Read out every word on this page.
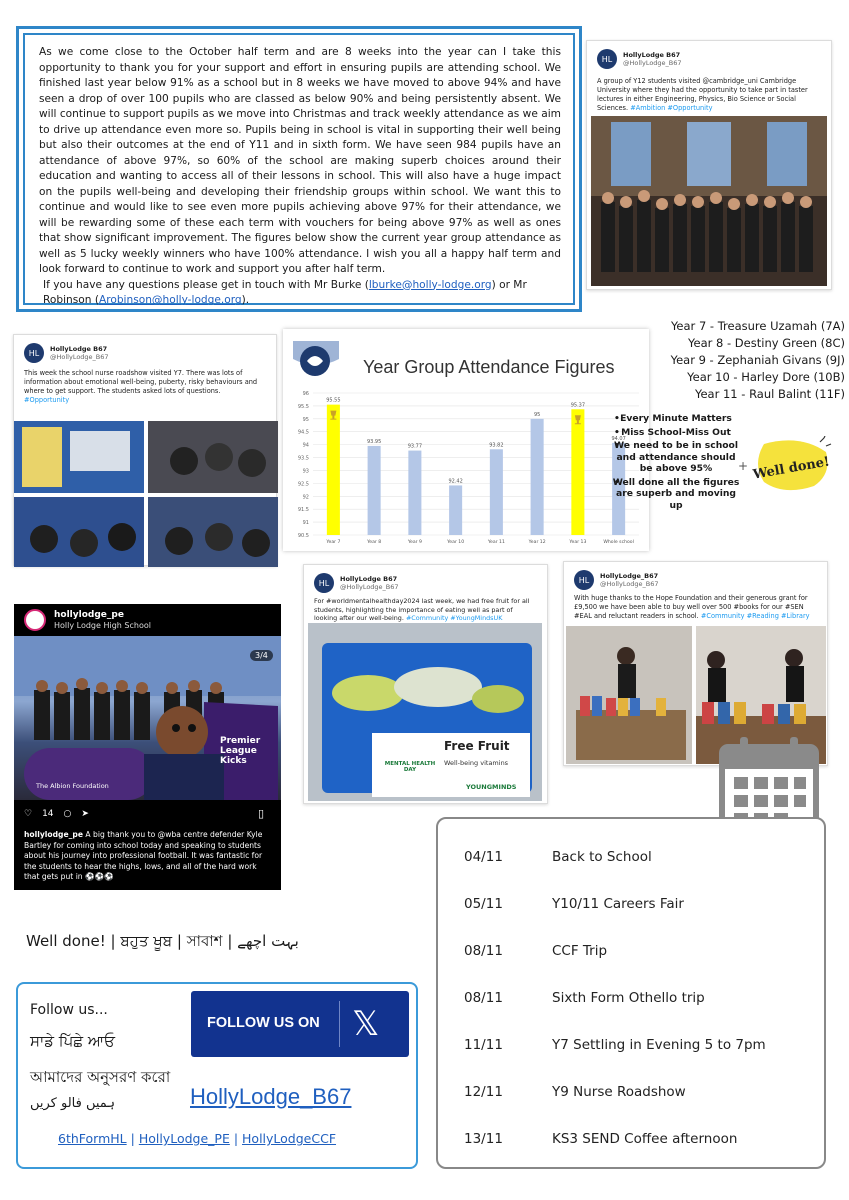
As we come close to the October half term and are 8 weeks into the year can I take this opportunity to thank you for your support and effort in ensuring pupils are attending school. We finished last year below 91% as a school but in 8 weeks we have moved to above 94% and have seen a drop of over 100 pupils who are classed as below 90% and being persistently absent. We will continue to support pupils as we move into Christmas and track weekly attendance as we aim to drive up attendance even more so. Pupils being in school is vital in supporting their well being but also their outcomes at the end of Y11 and in sixth form. We have seen 984 pupils have an attendance of above 97%, so 60% of the school are making superb choices around their education and wanting to access all of their lessons in school. This will also have a huge impact on the pupils well-being and developing their friendship groups within school. We want this to continue and would like to see even more pupils achieving above 97% for their attendance, we will be rewarding some of these each term with vouchers for being above 97% as well as ones that show significant improvement. The figures below show the current year group attendance as well as 5 lucky weekly winners who have 100% attendance. I wish you all a happy half term and look forward to continue to work and support you after half term.

If you have any questions please get in touch with Mr Burke (lburke@holly-lodge.org) or Mr Robinson (Arobinson@holly-lodge.org).

HL	HollyLodge B67
@HollyLodge_B67

A group of Y12 students visited @cambridge_uni Cambridge University where they had the opportunity to take part in taster lectures in either Engineering, Physics, Bio Science or Social Sciences. #Ambition #Opportunity

HL	HollyLodge B67
@HollyLodge_B67

This week the school nurse roadshow visited Y7. There was lots of information about emotional well-being, puberty, risky behaviours and where to get support. The students asked lots of questions.
#Opportunity

Year Group Attendance Figures
90.5
91
91.5
92
92.5
93
93.5
94
94.5
95
95.5
96
95.55
Year 7
93.95
Year 8
93.77
Year 9
92.42
Year 10
93.82
Year 11
95
Year 12
95.37
Year 13
94.07
Whole school
Year 7 - Treasure Uzamah (7A)
Year 8 - Destiny Green (8C)
Year 9 - Zephaniah Givans (9J)
Year 10 - Harley Dore (10B)
Year 11 - Raul Balint (11F)
• Every Minute Matters
• Miss School-Miss Out
• We need to be in school and attendance should be above 95%
• Well done all the figures are superb and moving up
+ Well done!
HL	HollyLodge B67
@HollyLodge_B67

For #worldmentalhealthday2024 last week, we had free fruit for all students, highlighting the importance of eating well as part of looking after our well-being. #Community #YoungMindsUK

Free Fruit
Well-being vitamins
MENTAL HEALTH DAY
YOUNGMINDS
HL	HollyLodge_B67
@HollyLodge_B67

With huge thanks to the Hope Foundation and their generous grant for £9,500 we have been able to buy well over 500 #books for our #SEN #EAL and reluctant readers in school. #Community #Reading #Library

hollylodge_pe
Holly Lodge High School
3/4
Premier League Kicks
The Albion Foundation
♡ 14 ○ ➤	▯

hollylodge_pe A big thank you to @wba centre defender Kyle Bartley for coming into school today and speaking to students about his journey into professional football. It was fantastic for the students to hear the highs, lows, and all of the hard work that gets put in ⚽⚽⚽

Well done! | ਬਹੁਤ ਖੂਬ | সাবাশ | بہت اچھے
Follow us...
ਸਾਡੇ ਪਿੱਛੇ ਆਓ
আমাদের অনুসরণ করো
ہمیں فالو کریں
FOLLOW US ON 𝕏
HollyLodge_B67
6thFormHL | HollyLodge_PE | HollyLodgeCCF
04/11	Back to School
05/11	Y10/11 Careers Fair
08/11	CCF Trip
08/11	Sixth Form Othello trip
11/11	Y7 Settling in Evening 5 to 7pm
12/11	Y9 Nurse Roadshow
13/11	KS3 SEND Coffee afternoon
